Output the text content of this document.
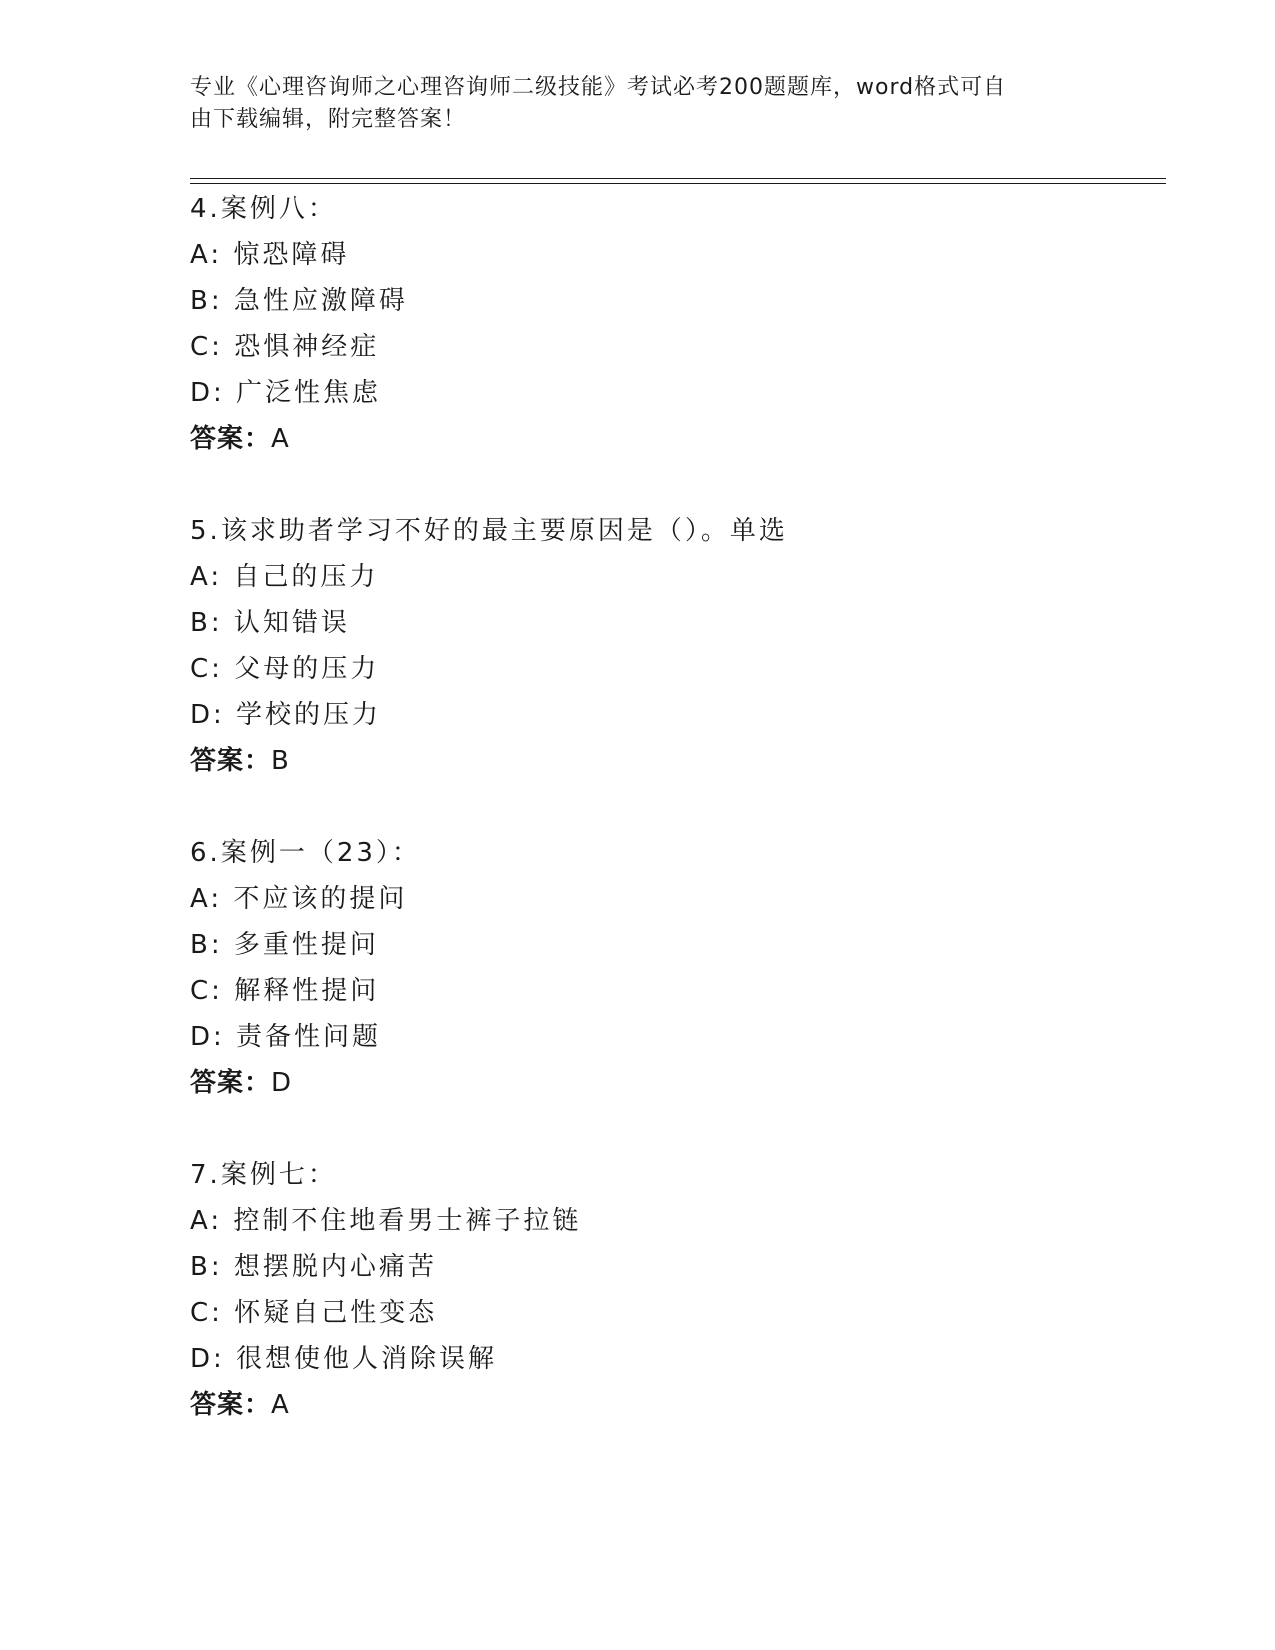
专业《心理咨询师之心理咨询师二级技能》考试必考200题题库，word格式可自
由下载编辑，附完整答案！
4.案例八：
A: 惊恐障碍
B: 急性应激障碍
C: 恐惧神经症
D: 广泛性焦虑
答案：A
5.该求助者学习不好的最主要原因是（）。单选
A: 自己的压力
B: 认知错误
C: 父母的压力
D: 学校的压力
答案：B
6.案例一（23）：
A: 不应该的提问
B: 多重性提问
C: 解释性提问
D: 责备性问题
答案：D
7.案例七：
A: 控制不住地看男士裤子拉链
B: 想摆脱内心痛苦
C: 怀疑自己性变态
D: 很想使他人消除误解
答案：A
